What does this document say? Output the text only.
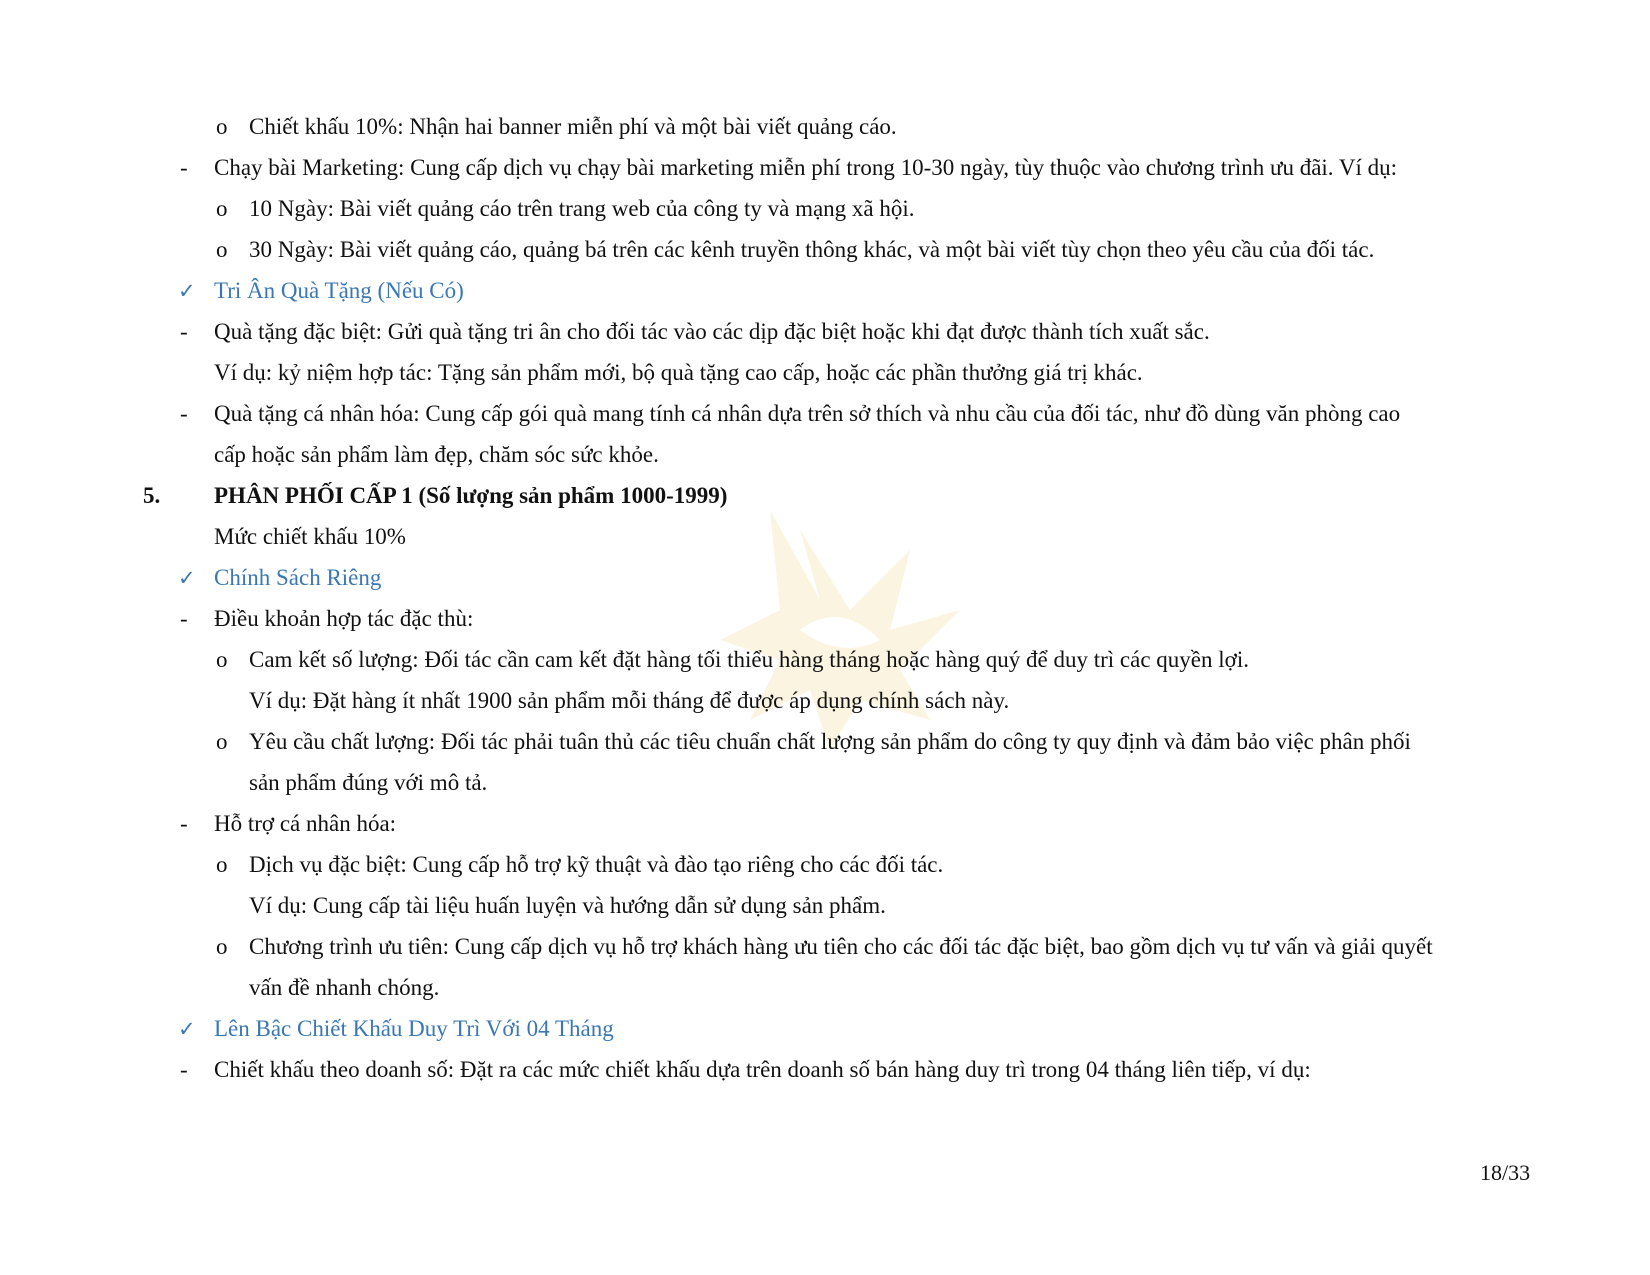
o Chiết khấu 10%: Nhận hai banner miễn phí và một bài viết quảng cáo.
- Chạy bài Marketing: Cung cấp dịch vụ chạy bài marketing miễn phí trong 10-30 ngày, tùy thuộc vào chương trình ưu đãi. Ví dụ:
o 10 Ngày: Bài viết quảng cáo trên trang web của công ty và mạng xã hội.
o 30 Ngày: Bài viết quảng cáo, quảng bá trên các kênh truyền thông khác, và một bài viết tùy chọn theo yêu cầu của đối tác.
✓ Tri Ân Quà Tặng (Nếu Có)
- Quà tặng đặc biệt: Gửi quà tặng tri ân cho đối tác vào các dịp đặc biệt hoặc khi đạt được thành tích xuất sắc.
Ví dụ: kỷ niệm hợp tác: Tặng sản phẩm mới, bộ quà tặng cao cấp, hoặc các phần thưởng giá trị khác.
- Quà tặng cá nhân hóa: Cung cấp gói quà mang tính cá nhân dựa trên sở thích và nhu cầu của đối tác, như đồ dùng văn phòng cao
cấp hoặc sản phẩm làm đẹp, chăm sóc sức khỏe.
5. PHÂN PHỐI CẤP 1 (Số lượng sản phẩm 1000-1999)
Mức chiết khấu 10%
✓ Chính Sách Riêng
- Điều khoản hợp tác đặc thù:
o Cam kết số lượng: Đối tác cần cam kết đặt hàng tối thiểu hàng tháng hoặc hàng quý để duy trì các quyền lợi.
Ví dụ: Đặt hàng ít nhất 1900 sản phẩm mỗi tháng để được áp dụng chính sách này.
o Yêu cầu chất lượng: Đối tác phải tuân thủ các tiêu chuẩn chất lượng sản phẩm do công ty quy định và đảm bảo việc phân phối
sản phẩm đúng với mô tả.
- Hỗ trợ cá nhân hóa:
o Dịch vụ đặc biệt: Cung cấp hỗ trợ kỹ thuật và đào tạo riêng cho các đối tác.
Ví dụ: Cung cấp tài liệu huấn luyện và hướng dẫn sử dụng sản phẩm.
o Chương trình ưu tiên: Cung cấp dịch vụ hỗ trợ khách hàng ưu tiên cho các đối tác đặc biệt, bao gồm dịch vụ tư vấn và giải quyết
vấn đề nhanh chóng.
✓ Lên Bậc Chiết Khấu Duy Trì Với 04 Tháng
- Chiết khấu theo doanh số: Đặt ra các mức chiết khấu dựa trên doanh số bán hàng duy trì trong 04 tháng liên tiếp, ví dụ:
18/33
